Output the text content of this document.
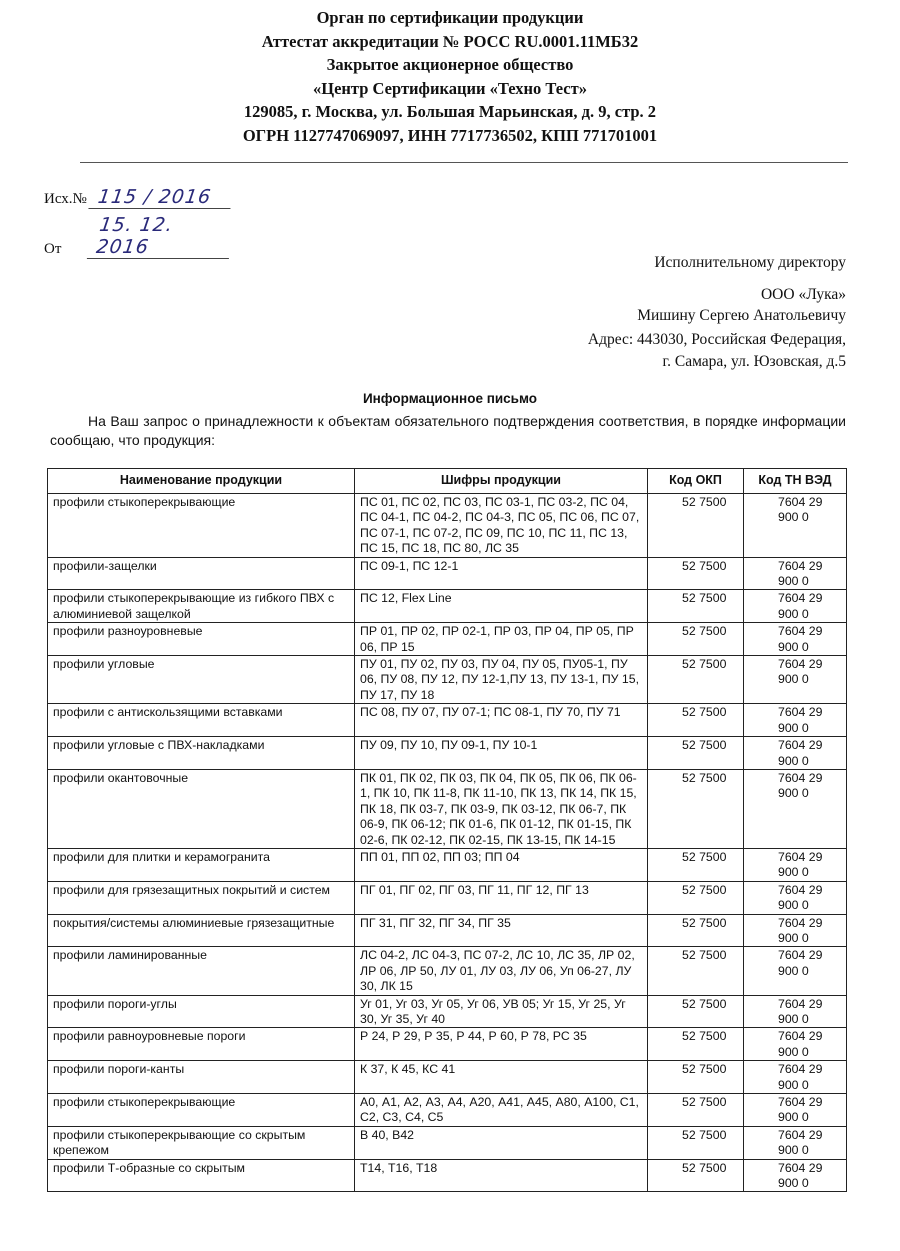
Орган по сертификации продукции
Аттестат аккредитации № РОСС RU.0001.11МБ32
Закрытое акционерное общество
«Центр Сертификации «Техно Тест»
129085, г. Москва, ул. Большая Марьинская, д. 9, стр. 2
ОГРН 1127747069097, ИНН 7717736502, КПП 771701001
Исх.№ 115 / 2016
От15. 12. 2016
Исполнительному директору
ООО «Лука»
Мишину Сергею Анатольевичу
Адрес: 443030, Российская Федерация,
г. Самара, ул. Юзовская, д.5
Информационное письмо
На Ваш запрос о принадлежности к объектам обязательного подтверждения соответствия, в порядке информации сообщаю, что продукция:
Наименование продукции	Шифры продукции	Код ОКП	Код ТН ВЭД
профили стыкоперекрывающие	ПС 01, ПС 02, ПС 03, ПС 03-1, ПС 03-2, ПС 04, ПС 04-1, ПС 04-2, ПС 04-3, ПС 05, ПС 06, ПС 07, ПС 07-1, ПС 07-2, ПС 09, ПС 10, ПС 11, ПС 13, ПС 15, ПС 18, ПС 80, ЛС 35	52 7500	7604 29 900 0
профили-защелки	ПС 09-1, ПС 12-1	52 7500	7604 29 900 0
профили стыкоперекрывающие из гибкого ПВХ с алюминиевой защелкой	ПС 12, Flex Line	52 7500	7604 29 900 0
профили разноуровневые	ПР 01, ПР 02, ПР 02-1, ПР 03, ПР 04, ПР 05, ПР 06, ПР 15	52 7500	7604 29 900 0
профили угловые	ПУ 01, ПУ 02, ПУ 03, ПУ 04, ПУ 05, ПУ05-1, ПУ 06, ПУ 08, ПУ 12, ПУ 12-1,ПУ 13, ПУ 13-1, ПУ 15, ПУ 17, ПУ 18	52 7500	7604 29 900 0
профили с антискользящими вставками	ПС 08, ПУ 07, ПУ 07-1; ПС 08-1, ПУ 70, ПУ 71	52 7500	7604 29 900 0
профили угловые с ПВХ-накладками	ПУ 09, ПУ 10, ПУ 09-1, ПУ 10-1	52 7500	7604 29 900 0
профили окантовочные	ПК 01, ПК 02, ПК 03, ПК 04, ПК 05, ПК 06, ПК 06-1, ПК 10, ПК 11-8, ПК 11-10, ПК 13, ПК 14, ПК 15, ПК 18, ПК 03-7, ПК 03-9, ПК 03-12, ПК 06-7, ПК 06-9, ПК 06-12; ПК 01-6, ПК 01-12, ПК 01-15, ПК 02-6, ПК 02-12, ПК 02-15, ПК 13-15, ПК 14-15	52 7500	7604 29 900 0
профили для плитки и керамогранита	ПП 01, ПП 02, ПП 03; ПП 04	52 7500	7604 29 900 0
профили для грязезащитных покрытий и систем	ПГ 01, ПГ 02, ПГ 03, ПГ 11, ПГ 12, ПГ 13	52 7500	7604 29 900 0
покрытия/системы алюминиевые грязезащитные	ПГ 31, ПГ 32, ПГ 34, ПГ 35	52 7500	7604 29 900 0
профили ламинированные	ЛС 04-2, ЛС 04-3, ПС 07-2, ЛС 10, ЛС 35, ЛР 02, ЛР 06, ЛР 50, ЛУ 01, ЛУ 03, ЛУ 06, Уп 06-27, ЛУ 30, ЛК 15	52 7500	7604 29 900 0
профили пороги-углы	Уг 01, Уг 03, Уг 05, Уг 06, УВ 05; Уг 15, Уг 25, Уг 30, Уг 35, Уг 40	52 7500	7604 29 900 0
профили равноуровневые пороги	Р 24, Р 29, Р 35, Р 44, Р 60, Р 78, РС 35	52 7500	7604 29 900 0
профили пороги-канты	К 37, К 45, КС 41	52 7500	7604 29 900 0
профили стыкоперекрывающие	А0, А1, А2, А3, А4, А20, А41, А45, А80, А100, С1, С2, С3, С4, С5	52 7500	7604 29 900 0
профили стыкоперекрывающие со скрытым крепежом	В 40, В42	52 7500	7604 29 900 0
профили Т-образные со скрытым	Т14, Т16, Т18	52 7500	7604 29 900 0
